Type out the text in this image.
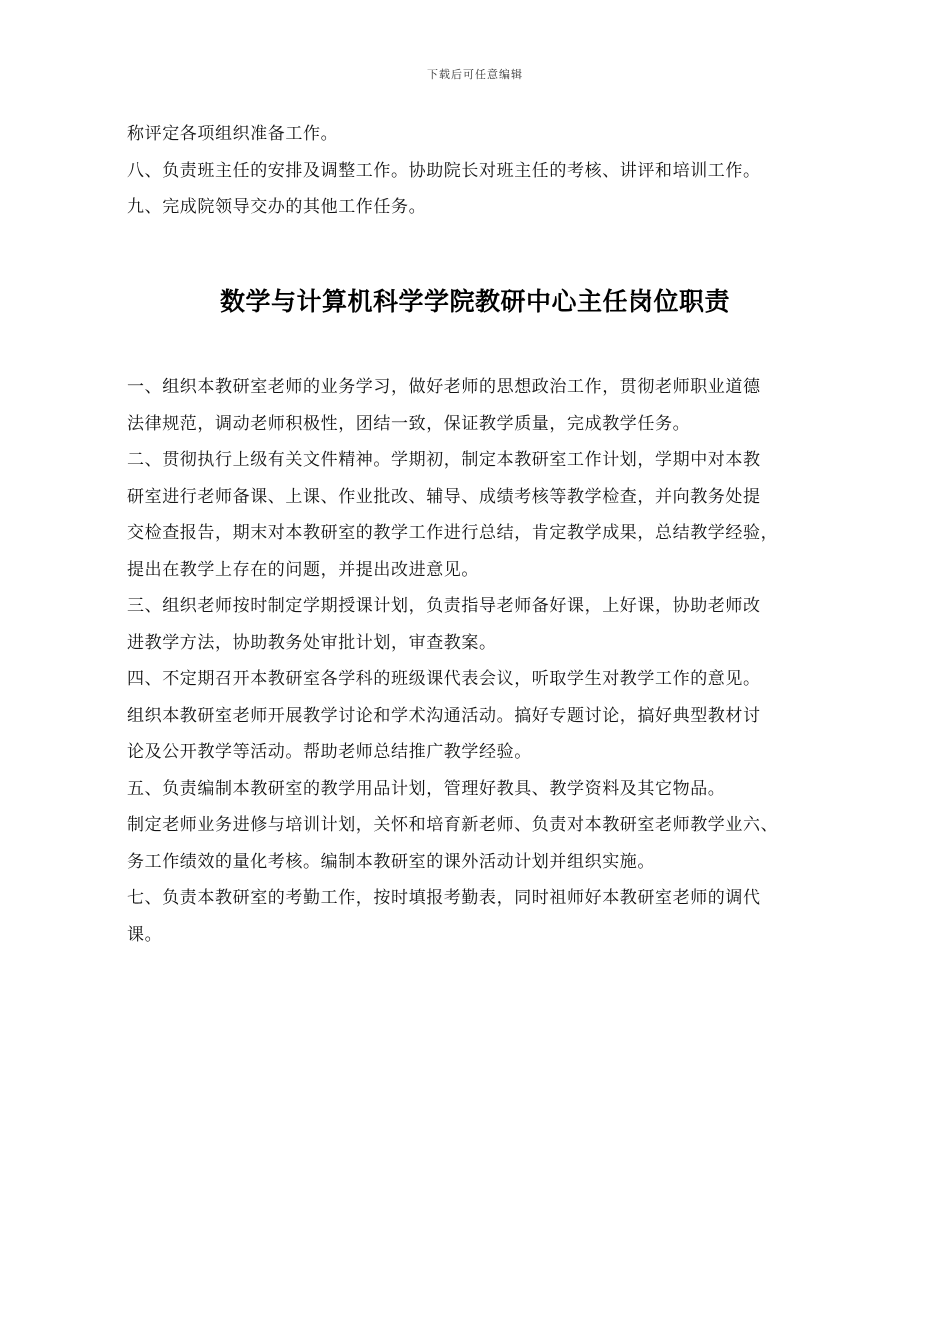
下载后可任意编辑

称评定各项组织准备工作。

八、负责班主任的安排及调整工作。协助院长对班主任的考核、讲评和培训工作。

九、完成院领导交办的其他工作任务。

数学与计算机科学学院教研中心主任岗位职责

一、组织本教研室老师的业务学习，做好老师的思想政治工作，贯彻老师职业道德

法律规范，调动老师积极性，团结一致，保证教学质量，完成教学任务。

二、贯彻执行上级有关文件精神。学期初，制定本教研室工作计划，学期中对本教

研室进行老师备课、上课、作业批改、辅导、成绩考核等教学检查，并向教务处提

交检查报告，期末对本教研室的教学工作进行总结，肯定教学成果，总结教学经验，

提出在教学上存在的问题，并提出改进意见。

三、组织老师按时制定学期授课计划，负责指导老师备好课，上好课，协助老师改

进教学方法，协助教务处审批计划，审查教案。

四、不定期召开本教研室各学科的班级课代表会议，听取学生对教学工作的意见。

组织本教研室老师开展教学讨论和学术沟通活动。搞好专题讨论，搞好典型教材讨

论及公开教学等活动。帮助老师总结推广教学经验。

五、负责编制本教研室的教学用品计划，管理好教具、教学资料及其它物品。

制定老师业务进修与培训计划，关怀和培育新老师、负责对本教研室老师教学业六、

务工作绩效的量化考核。编制本教研室的课外活动计划并组织实施。

七、负责本教研室的考勤工作，按时填报考勤表，同时祖师好本教研室老师的调代

课。
